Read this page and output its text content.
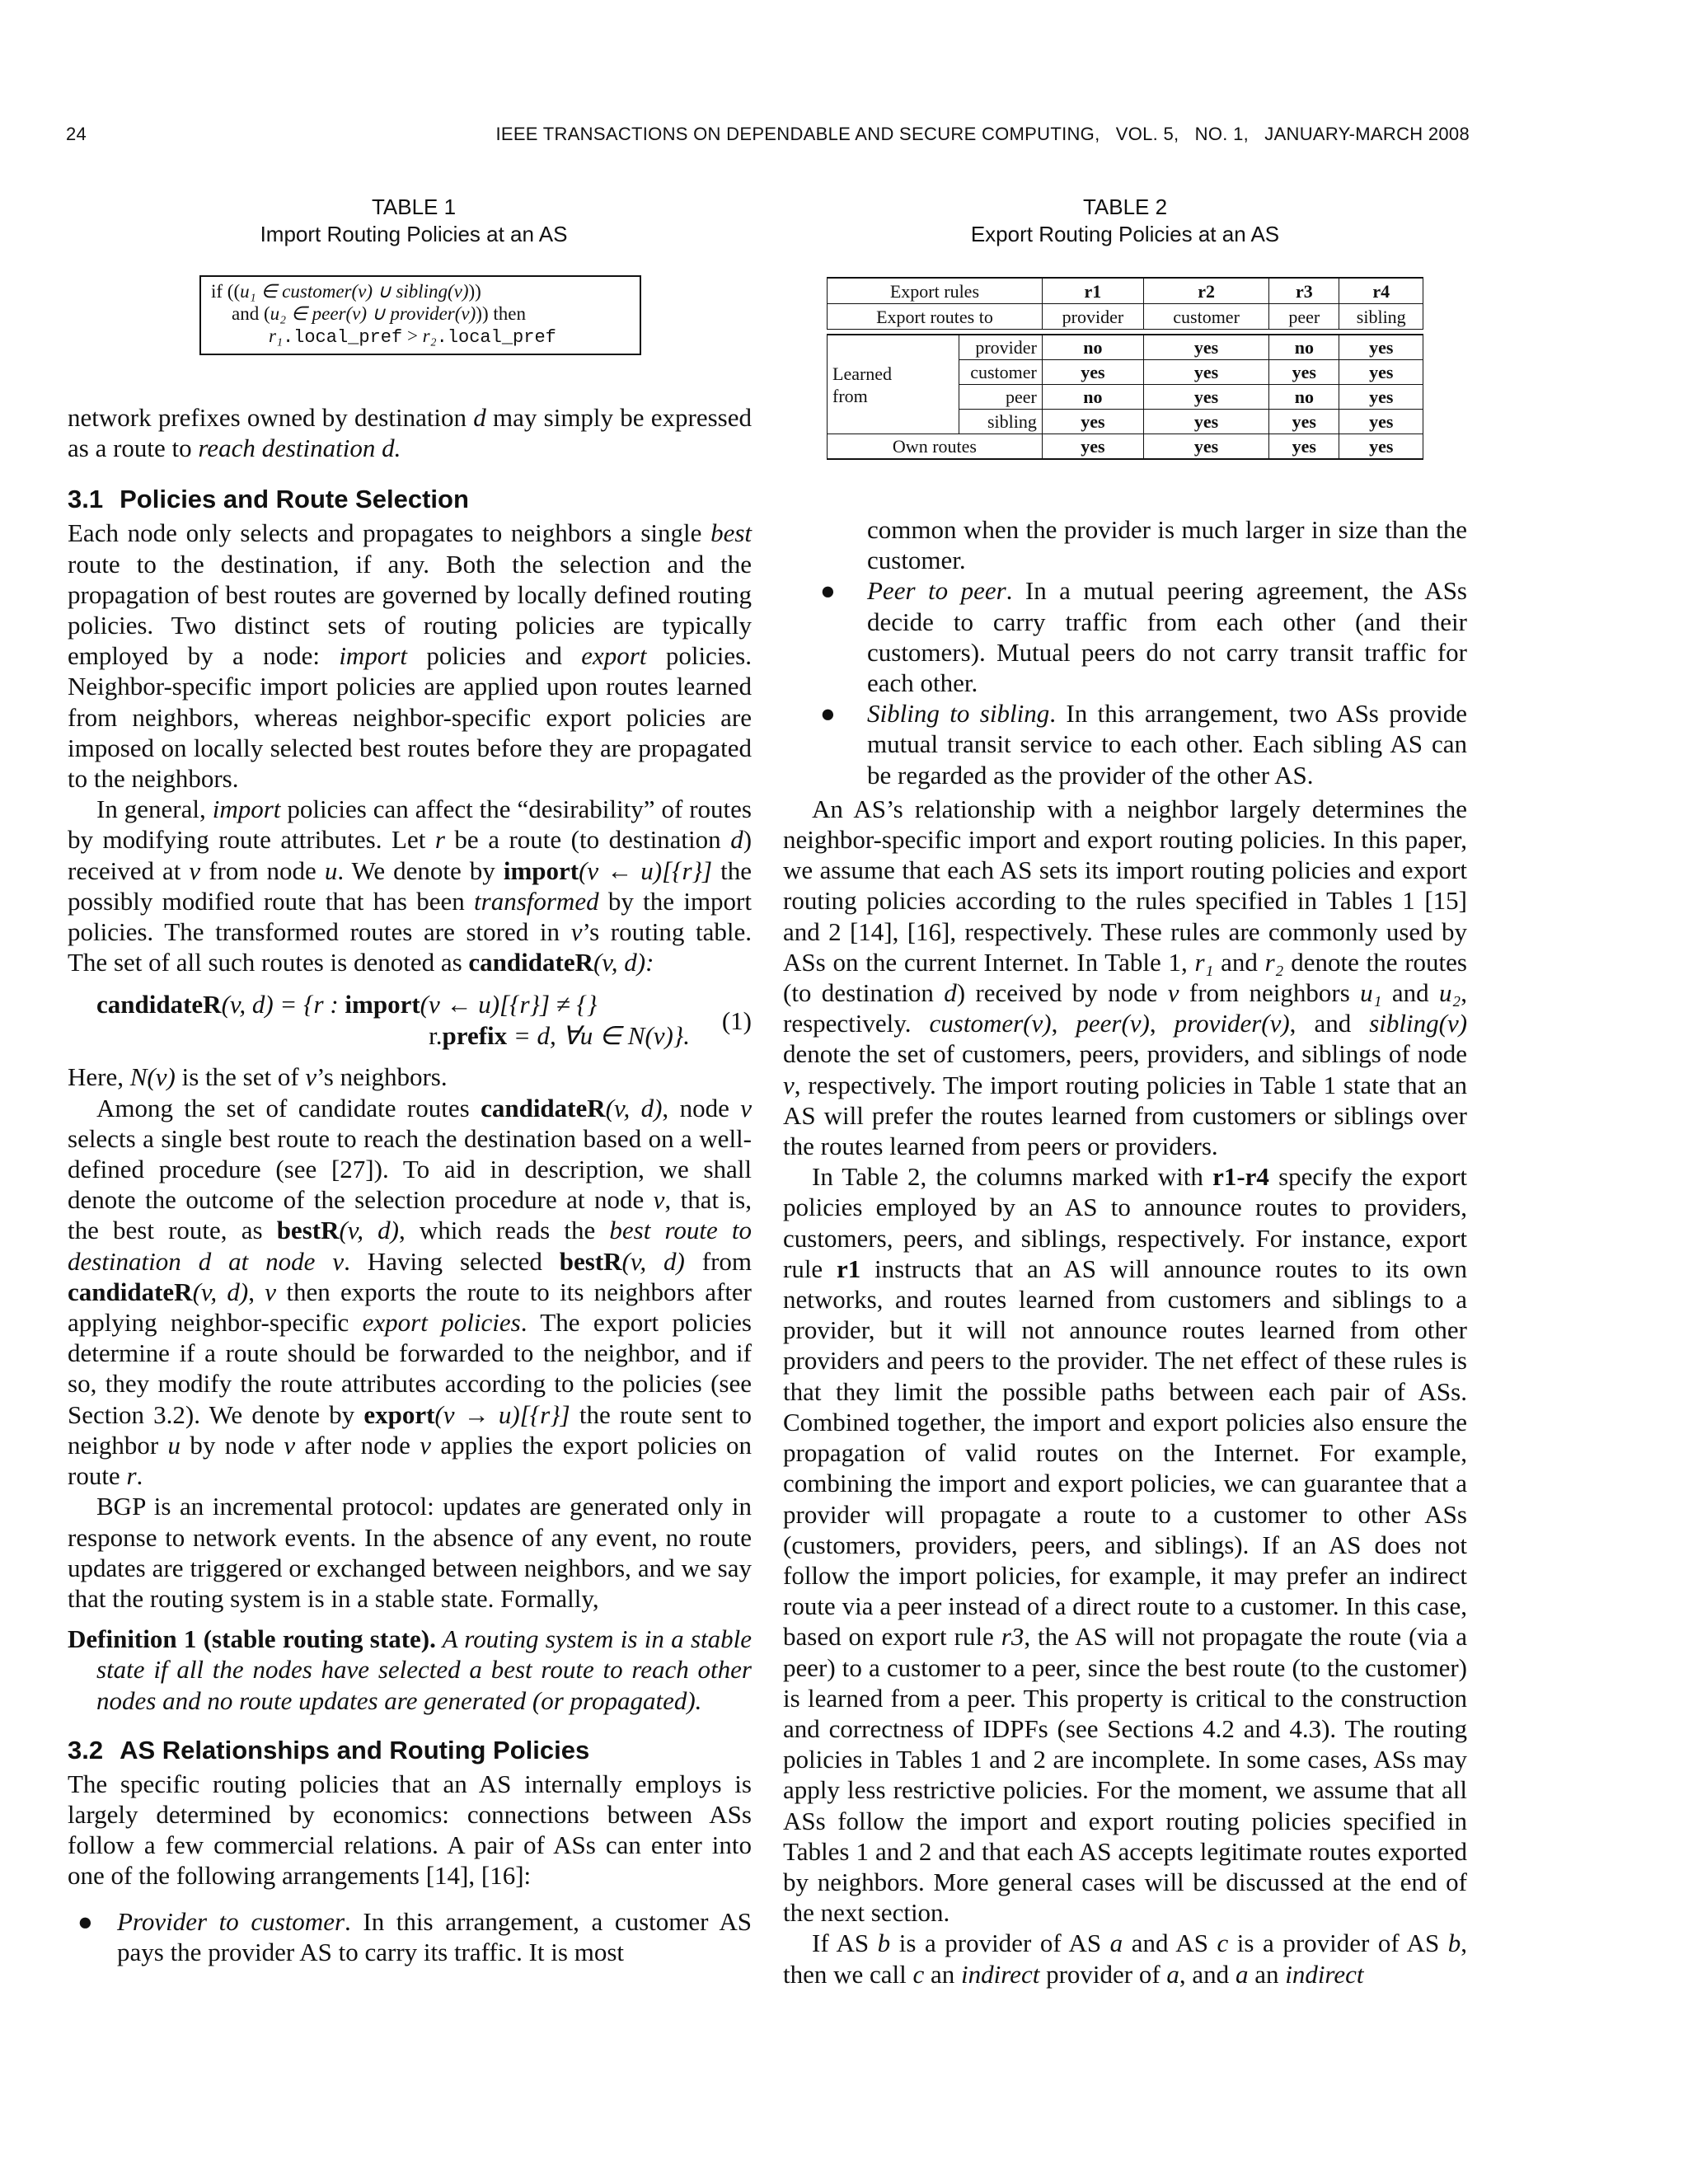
24	IEEE TRANSACTIONS ON DEPENDABLE AND SECURE COMPUTING,   VOL. 5,   NO. 1,   JANUARY-MARCH 2008
TABLE 1
Import Routing Policies at an AS
if ((u₁ ∈ customer(v) ∪ sibling(v)))
and (u₂ ∈ peer(v) ∪ provider(v))) then
r₁.local_pref > r₂.local_pref
TABLE 2
Export Routing Policies at an AS
Export rules		r1	r2	r3	r4
Export routes to		provider	customer	peer	sibling

Learned
from	provider	no	yes	no	yes
	customer	yes	yes	yes	yes
	peer	no	yes	no	yes
	sibling	yes	yes	yes	yes
Own routes		yes	yes	yes	yes

network prefixes owned by destination d may simply be expressed as a route to reach destination d.

3.1 Policies and Route Selection

Each node only selects and propagates to neighbors a single best route to the destination, if any. Both the selection and the propagation of best routes are governed by locally defined routing policies. Two distinct sets of routing policies are typically employed by a node: import policies and export policies. Neighbor-specific import policies are applied upon routes learned from neighbors, whereas neighbor-specific export policies are imposed on locally selected best routes before they are propagated to the neighbors.

In general, import policies can affect the “desirability” of routes by modifying route attributes. Let r be a route (to destination d) received at v from node u. We denote by import(v ← u)[{r}] the possibly modified route that has been transformed by the import policies. The transformed routes are stored in v’s routing table. The set of all such routes is denoted as candidateR(v, d):

candidateR(v, d) = {r : import(v ← u)[{r}] ≠ {}
r.prefix = d, ∀u ∈ N(v)}.
(1)

Here, N(v) is the set of v’s neighbors.

Among the set of candidate routes candidateR(v, d), node v selects a single best route to reach the destination based on a well-defined procedure (see [27]). To aid in description, we shall denote the outcome of the selection procedure at node v, that is, the best route, as bestR(v, d), which reads the best route to destination d at node v. Having selected bestR(v, d) from candidateR(v, d), v then exports the route to its neighbors after applying neighbor-specific export policies. The export policies determine if a route should be forwarded to the neighbor, and if so, they modify the route attributes according to the policies (see Section 3.2). We denote by export(v → u)[{r}] the route sent to neighbor u by node v after node v applies the export policies on route r.

BGP is an incremental protocol: updates are generated only in response to network events. In the absence of any event, no route updates are triggered or exchanged between neighbors, and we say that the routing system is in a stable state. Formally,

Definition 1 (stable routing state). A routing system is in a stable state if all the nodes have selected a best route to reach other nodes and no route updates are generated (or propagated).

3.2 AS Relationships and Routing Policies

The specific routing policies that an AS internally employs is largely determined by economics: connections between ASs follow a few commercial relations. A pair of ASs can enter into one of the following arrangements [14], [16]:

● Provider to customer. In this arrangement, a customer AS pays the provider AS to carry its traffic. It is most
common when the provider is much larger in size than the customer.
● Peer to peer. In a mutual peering agreement, the ASs decide to carry traffic from each other (and their customers). Mutual peers do not carry transit traffic for each other.
● Sibling to sibling. In this arrangement, two ASs provide mutual transit service to each other. Each sibling AS can be regarded as the provider of the other AS.

An AS’s relationship with a neighbor largely determines the neighbor-specific import and export routing policies. In this paper, we assume that each AS sets its import routing policies and export routing policies according to the rules specified in Tables 1 [15] and 2 [14], [16], respectively. These rules are commonly used by ASs on the current Internet. In Table 1, r₁ and r₂ denote the routes (to destination d) received by node v from neighbors u₁ and u₂, respectively. customer(v), peer(v), provider(v), and sibling(v) denote the set of customers, peers, providers, and siblings of node v, respectively. The import routing policies in Table 1 state that an AS will prefer the routes learned from customers or siblings over the routes learned from peers or providers.

In Table 2, the columns marked with r1-r4 specify the export policies employed by an AS to announce routes to providers, customers, peers, and siblings, respectively. For instance, export rule r1 instructs that an AS will announce routes to its own networks, and routes learned from customers and siblings to a provider, but it will not announce routes learned from other providers and peers to the provider. The net effect of these rules is that they limit the possible paths between each pair of ASs. Combined together, the import and export policies also ensure the propagation of valid routes on the Internet. For example, combining the import and export policies, we can guarantee that a provider will propagate a route to a customer to other ASs (customers, providers, peers, and siblings). If an AS does not follow the import policies, for example, it may prefer an indirect route via a peer instead of a direct route to a customer. In this case, based on export rule r3, the AS will not propagate the route (via a peer) to a customer to a peer, since the best route (to the customer) is learned from a peer. This property is critical to the construction and correctness of IDPFs (see Sections 4.2 and 4.3). The routing policies in Tables 1 and 2 are incomplete. In some cases, ASs may apply less restrictive policies. For the moment, we assume that all ASs follow the import and export routing policies specified in Tables 1 and 2 and that each AS accepts legitimate routes exported by neighbors. More general cases will be discussed at the end of the next section.

If AS b is a provider of AS a and AS c is a provider of AS b, then we call c an indirect provider of a, and a an indirect
